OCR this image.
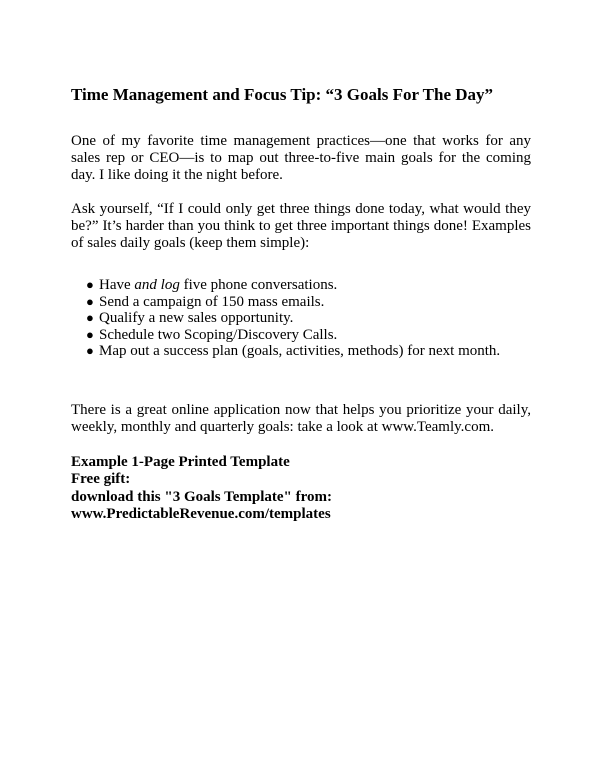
Time Management and Focus Tip: “3 Goals For The Day”

One of my favorite time management practices—one that works for any sales rep or CEO—is to map out three-to-five main goals for the coming day. I like doing it the night before.

Ask yourself, “If I could only get three things done today, what would they be?” It’s harder than you think to get three important things done! Examples of sales daily goals (keep them simple):

● Have and log five phone conversations.
● Send a campaign of 150 mass emails.
● Qualify a new sales opportunity.
● Schedule two Scoping/Discovery Calls.
● Map out a success plan (goals, activities, methods) for next month.

There is a great online application now that helps you prioritize your daily, weekly, monthly and quarterly goals: take a look at www.Teamly.com.

Example 1-Page Printed Template
Free gift:
download this "3 Goals Template" from:
www.PredictableRevenue.com/templates
